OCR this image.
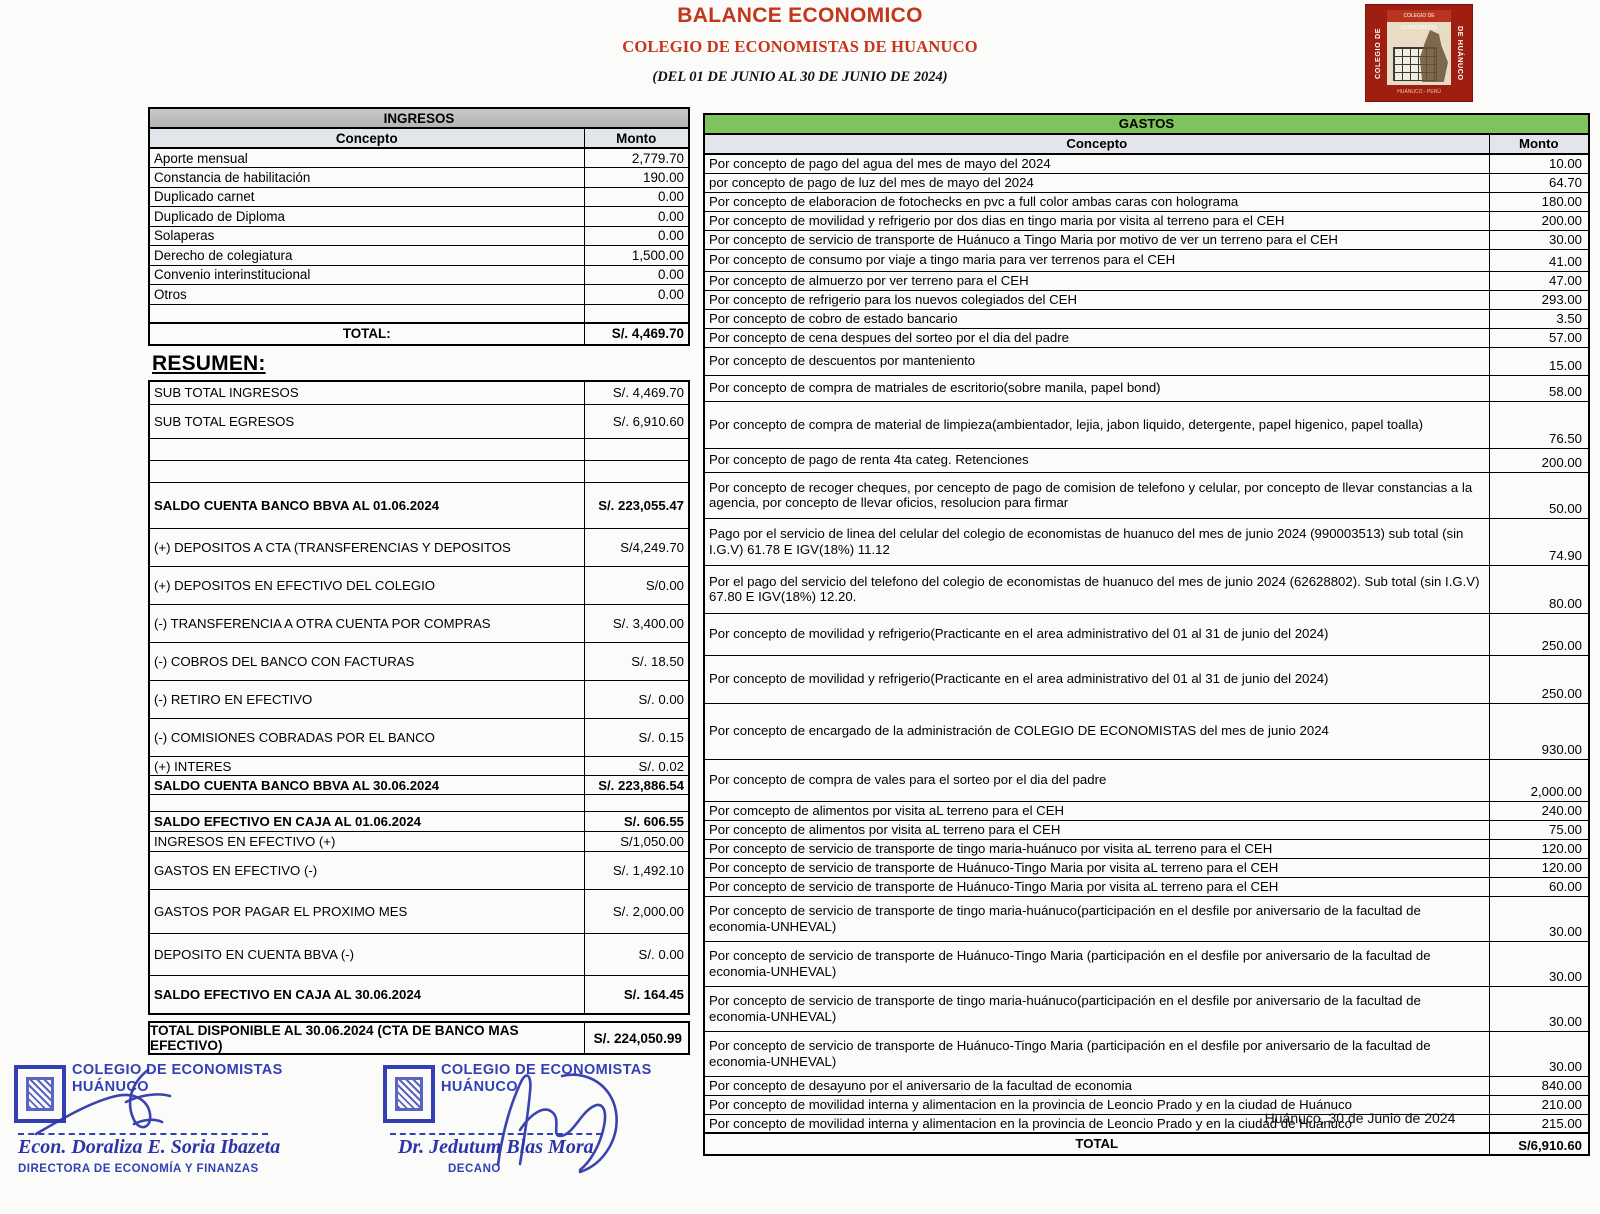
BALANCE ECONOMICO
COLEGIO DE ECONOMISTAS DE HUANUCO
(DEL 01 DE JUNIO AL 30 DE JUNIO DE 2024)	COLEGIO DE
COLEGIO DE ECONOMISTAS
HUÁNUCO - PERÚ
DE HUÁNUCO
INGRESOS	
Concepto	Monto
Aporte mensual	2,779.70
Constancia de habilitación	190.00
Duplicado carnet	0.00
Duplicado de Diploma	0.00
Solaperas	0.00
Derecho de colegiatura	1,500.00
Convenio interinstitucional	0.00
Otros	0.00

TOTAL:	S/. 4,469.70
RESUMEN:
SUB TOTAL INGRESOS	S/. 4,469.70
SUB TOTAL EGRESOS	S/. 6,910.60

SALDO CUENTA BANCO BBVA AL 01.06.2024	S/. 223,055.47
(+) DEPOSITOS A CTA (TRANSFERENCIAS Y DEPOSITOS	S/4,249.70
(+) DEPOSITOS EN EFECTIVO DEL COLEGIO	S/0.00
(-) TRANSFERENCIA A OTRA CUENTA POR COMPRAS	S/. 3,400.00
(-) COBROS DEL BANCO CON FACTURAS	S/. 18.50
(-) RETIRO EN EFECTIVO	S/. 0.00
(-) COMISIONES COBRADAS POR EL BANCO	S/. 0.15
(+) INTERES	S/. 0.02
SALDO CUENTA BANCO BBVA AL 30.06.2024	S/. 223,886.54

SALDO EFECTIVO EN CAJA AL 01.06.2024	S/. 606.55
INGRESOS EN EFECTIVO (+)	S/1,050.00
GASTOS EN EFECTIVO (-)	S/. 1,492.10
GASTOS POR PAGAR EL PROXIMO MES	S/. 2,000.00
DEPOSITO EN CUENTA BBVA (-)	S/. 0.00
SALDO EFECTIVO EN CAJA AL 30.06.2024	S/. 164.45
TOTAL DISPONIBLE AL 30.06.2024 (CTA DE BANCO MAS EFECTIVO)	S/. 224,050.99
GASTOS	
Concepto	Monto
Por concepto de pago del agua del mes de mayo del 2024	10.00
por concepto de pago de luz del mes de mayo del 2024	64.70
Por concepto de elaboracion de fotochecks en pvc a full color ambas caras con holograma	180.00
Por concepto de movilidad y refrigerio por dos dias en tingo maria por visita al terreno para el CEH	200.00
Por concepto de servicio de transporte de Huánuco a Tingo Maria por motivo de ver un terreno para el CEH	30.00
Por concepto de consumo por viaje a tingo maria para ver terrenos para el CEH	41.00
Por concepto de almuerzo por ver terreno para el CEH	47.00
Por concepto de refrigerio para los nuevos colegiados del CEH	293.00
Por concepto de cobro de estado bancario	3.50
Por concepto de cena despues del sorteo por el dia del padre	57.00
Por concepto de descuentos por manteniento	15.00
Por concepto de compra de matriales de escritorio(sobre manila, papel bond)	58.00
Por concepto de compra de material de limpieza(ambientador, lejia, jabon liquido, detergente, papel higenico, papel toalla)	76.50
Por concepto de pago de renta 4ta categ. Retenciones	200.00
Por concepto de recoger cheques, por cencepto de pago de comision de telefono y celular, por concepto de llevar constancias a la agencia, por concepto de llevar oficios, resolucion para firmar	50.00
Pago por el servicio de linea del celular del colegio de economistas de huanuco del mes de junio 2024 (990003513) sub total (sin I.G.V) 61.78 E IGV(18%) 11.12	74.90
Por el pago del servicio del telefono del colegio de economistas de huanuco del mes de junio 2024 (62628802). Sub total (sin I.G.V) 67.80 E IGV(18%) 12.20.	80.00
Por concepto de movilidad y refrigerio(Practicante en el area administrativo del 01 al 31 de junio del 2024)	250.00
Por concepto de movilidad y refrigerio(Practicante en el area administrativo del 01 al 31 de junio del 2024)	250.00
Por concepto de encargado de la administración de COLEGIO DE ECONOMISTAS del mes de junio 2024	930.00
Por concepto de compra de vales para el sorteo por el dia del padre	2,000.00
Por comcepto de alimentos por visita aL terreno para el CEH	240.00
Por concepto de alimentos por visita aL terreno para el CEH	75.00
Por concepto de servicio de transporte de tingo maria-huánuco por visita aL terreno para el CEH	120.00
Por concepto de servicio de transporte de Huánuco-Tingo Maria por visita aL terreno para el CEH	120.00
Por concepto de servicio de transporte de Huánuco-Tingo Maria por visita aL terreno para el CEH	60.00
Por concepto de servicio de transporte de tingo maria-huánuco(participación en el desfile por aniversario de la facultad de economia-UNHEVAL)	30.00
Por concepto de servicio de transporte de Huánuco-Tingo Maria (participación en el desfile por aniversario de la facultad de economia-UNHEVAL)	30.00
Por concepto de servicio de transporte de tingo maria-huánuco(participación en el desfile por aniversario de la facultad de economia-UNHEVAL)	30.00
Por concepto de servicio de transporte de Huánuco-Tingo Maria (participación en el desfile por aniversario de la facultad de economia-UNHEVAL)	30.00
Por concepto de desayuno por el aniversario de la facultad de economia	840.00
Por concepto de movilidad interna y alimentacion en la provincia de Leoncio Prado y en la ciudad de Huánuco	210.00
Por concepto de movilidad interna y alimentacion en la provincia de Leoncio Prado y en la ciudad de Huánuco	215.00
TOTAL	S/6,910.60
Huánuco, 30 de Junio de 2024
COLEGIO DE ECONOMISTAS
HUÁNUCO
Econ. Doraliza E. Soria Ibazeta
DIRECTORA DE ECONOMÍA Y FINANZAS
COLEGIO DE ECONOMISTAS
HUÁNUCO
Dr. Jedutum Blas Mora
DECANO
